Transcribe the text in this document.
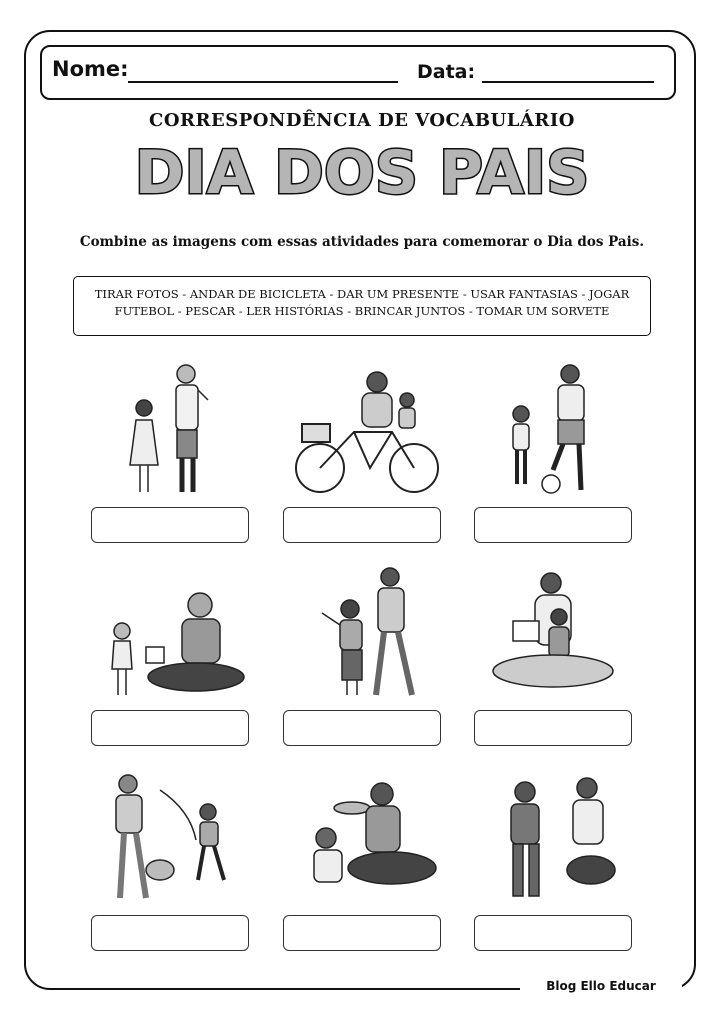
Nome:	Data:
CORRESPONDÊNCIA DE VOCABULÁRIO
DIA DOS PAIS
Combine as imagens com essas atividades para comemorar o Dia dos Pais.
TIRAR FOTOS - ANDAR DE BICICLETA - DAR UM PRESENTE - USAR FANTASIAS - JOGAR
FUTEBOL - PESCAR - LER HISTÓRIAS - BRINCAR JUNTOS - TOMAR UM SORVETE
Blog Ello Educar
